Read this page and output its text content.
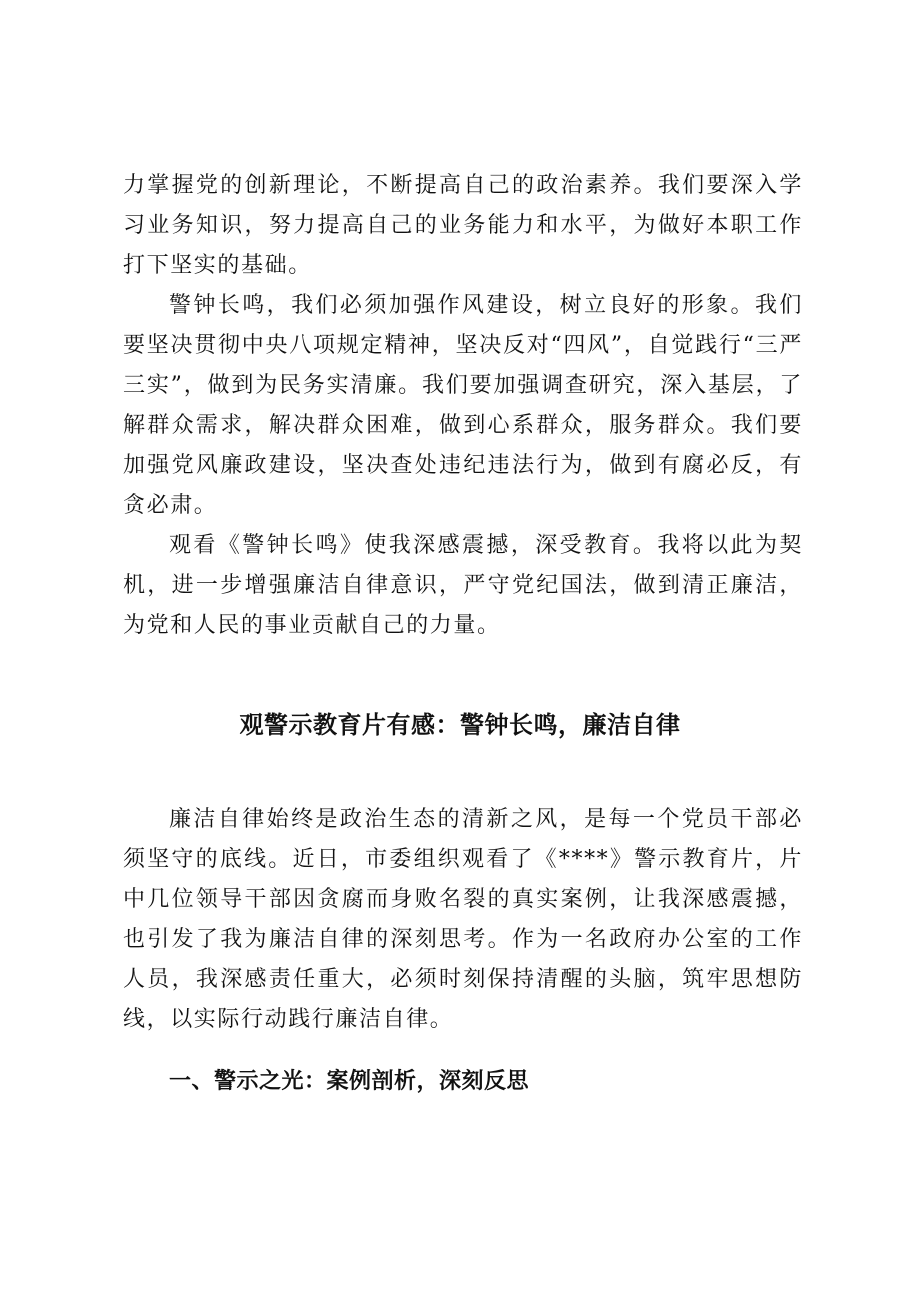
力掌握党的创新理论，不断提高自己的政治素养。我们要深入学习业务知识，努力提高自己的业务能力和水平，为做好本职工作打下坚实的基础。

警钟长鸣，我们必须加强作风建设，树立良好的形象。我们要坚决贯彻中央八项规定精神，坚决反对“四风”，自觉践行“三严三实”，做到为民务实清廉。我们要加强调查研究，深入基层，了解群众需求，解决群众困难，做到心系群众，服务群众。我们要加强党风廉政建设，坚决查处违纪违法行为，做到有腐必反，有贪必肃。

观看《警钟长鸣》使我深感震撼，深受教育。我将以此为契机，进一步增强廉洁自律意识，严守党纪国法，做到清正廉洁，为党和人民的事业贡献自己的力量。

观警示教育片有感：警钟长鸣，廉洁自律

廉洁自律始终是政治生态的清新之风，是每一个党员干部必须坚守的底线。近日，市委组织观看了《****》警示教育片，片中几位领导干部因贪腐而身败名裂的真实案例，让我深感震撼，也引发了我为廉洁自律的深刻思考。作为一名政府办公室的工作人员，我深感责任重大，必须时刻保持清醒的头脑，筑牢思想防线，以实际行动践行廉洁自律。

一、警示之光：案例剖析，深刻反思
